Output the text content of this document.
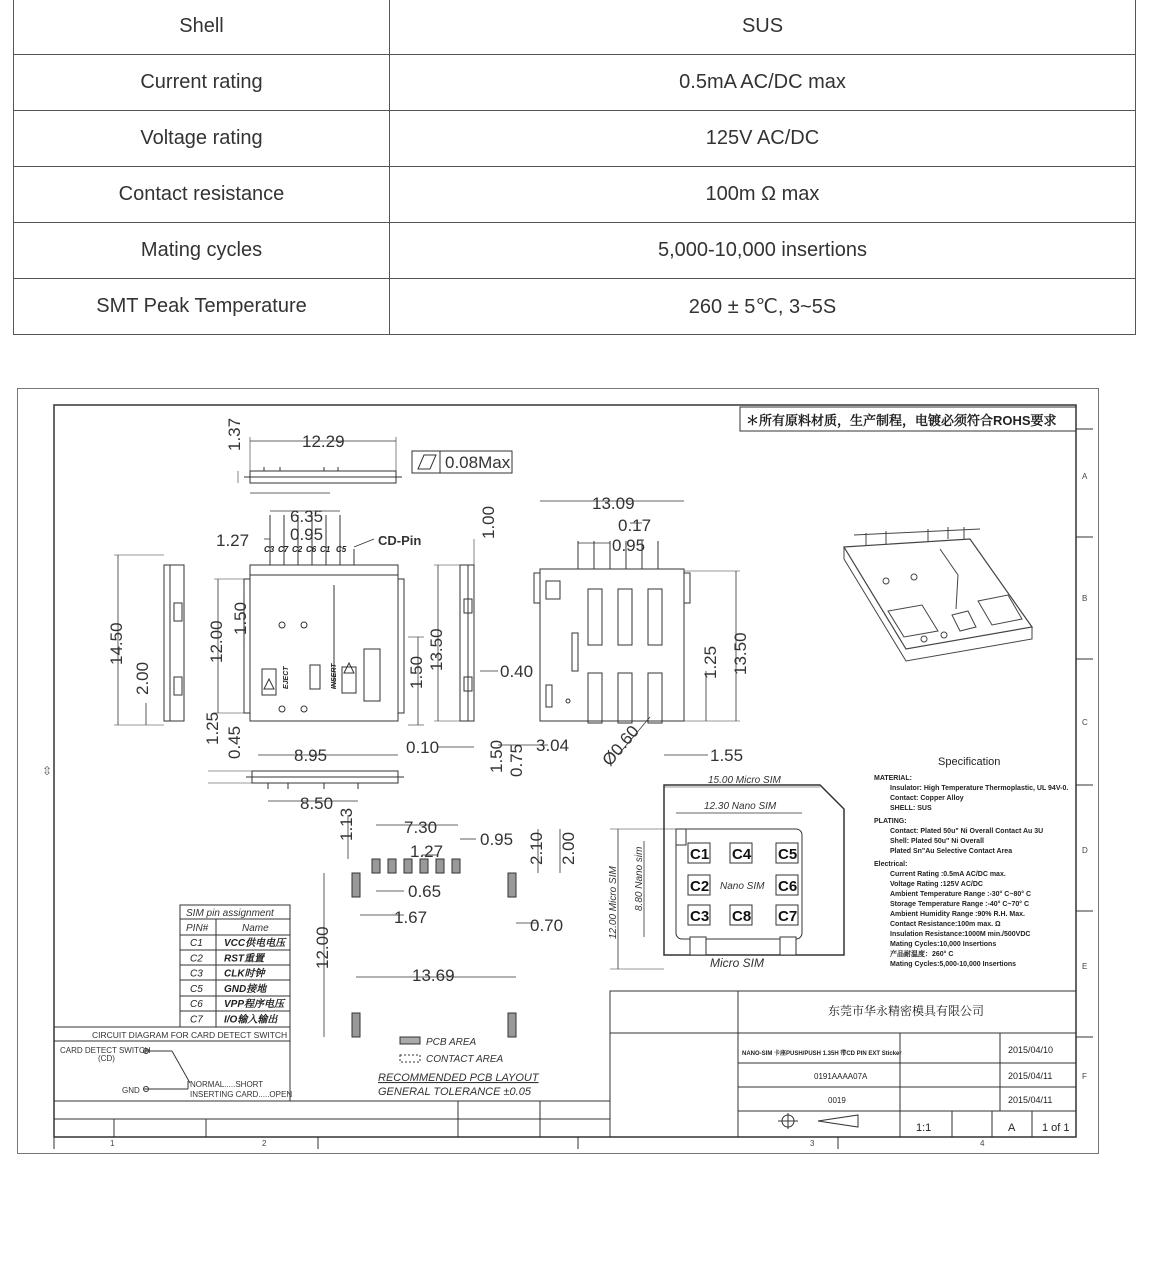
Shell	SUS
Current rating	0.5mA AC/DC max
Voltage rating	125V AC/DC
Contact resistance	100m Ω max
Mating cycles	5,000-10,000 insertions
SMT Peak Temperature	260 ± 5℃, 3~5S
A
B
C
D
E
F
1	2	3	4
⇳
＊所有原料材质，生产制程，电镀必须符合ROHS要求
12.29
0.08Max
1.37
14.50
2.00
6.35
0.95
1.27	CD-Pin
12.00
1.50
1.50
C3 C7 C2 C6 C1 C5
EJECT	INSERT
8.95
8.50
1.25 0.45
13.50
0.40
0.10
1.00
13.09
0.17
0.95
13.50
1.25
3.04
1.50 0.75	Ø0.60	1.55
7.30
1.27
0.95
1.13
2.10 2.00
0.65
1.67	0.70
12.00
13.69
PCB AREA
CONTACT AREA
RECOMMENDED PCB LAYOUT
GENERAL TOLERANCE ±0.05
SIM pin assignment
PIN#	Name
C1 VCC供电电压
C2 RST重置
C3 CLK时钟
C5 GND接地
C6 VPP程序电压
C7 I/O输入输出
CIRCUIT DIAGRAM FOR CARD DETECT SWITCH
CARD DETECT SWITCH
(CD)
GND
NORMAL.....SHORT
INSERTING CARD.....OPEN
15.00 Micro SIM
12.30 Nano SIM
12.00 Micro SIM 8.80 Nano sim	Nano SIM
Micro SIM
C1 C4 C5
C2	C6
C3 C8 C7
Specification
MATERIAL:
Insulator: High Temperature Thermoplastic, UL 94V-0.
Contact: Copper Alloy
SHELL: SUS
PLATING:
Contact: Plated 50u" Ni Overall Contact Au 3U
Shell: Plated 50u" Ni Overall
Plated Sn"Au Selective Contact Area
Electrical:
Current Rating :0.5mA AC/DC max.
Voltage Rating :125V AC/DC
Ambient Temperature Range :-30° C~80° C
Storage Temperature Range :-40° C~70° C
Ambient Humidity Range :90% R.H. Max.
Contact Resistance:100m max. Ω
Insulation Resistance:1000M min./500VDC
Mating Cycles:10,000 Insertions
产品耐温度：260° C
Mating Cycles:5,000-10,000 Insertions
东莞市华永精密模具有限公司
NANO-SIM 卡座PUSH/PUSH 1.35H 带CD PIN EXT Sticker
0191AAAA07A
0019
2015/04/10
2015/04/11
2015/04/11
1:1	A 1 of 1
